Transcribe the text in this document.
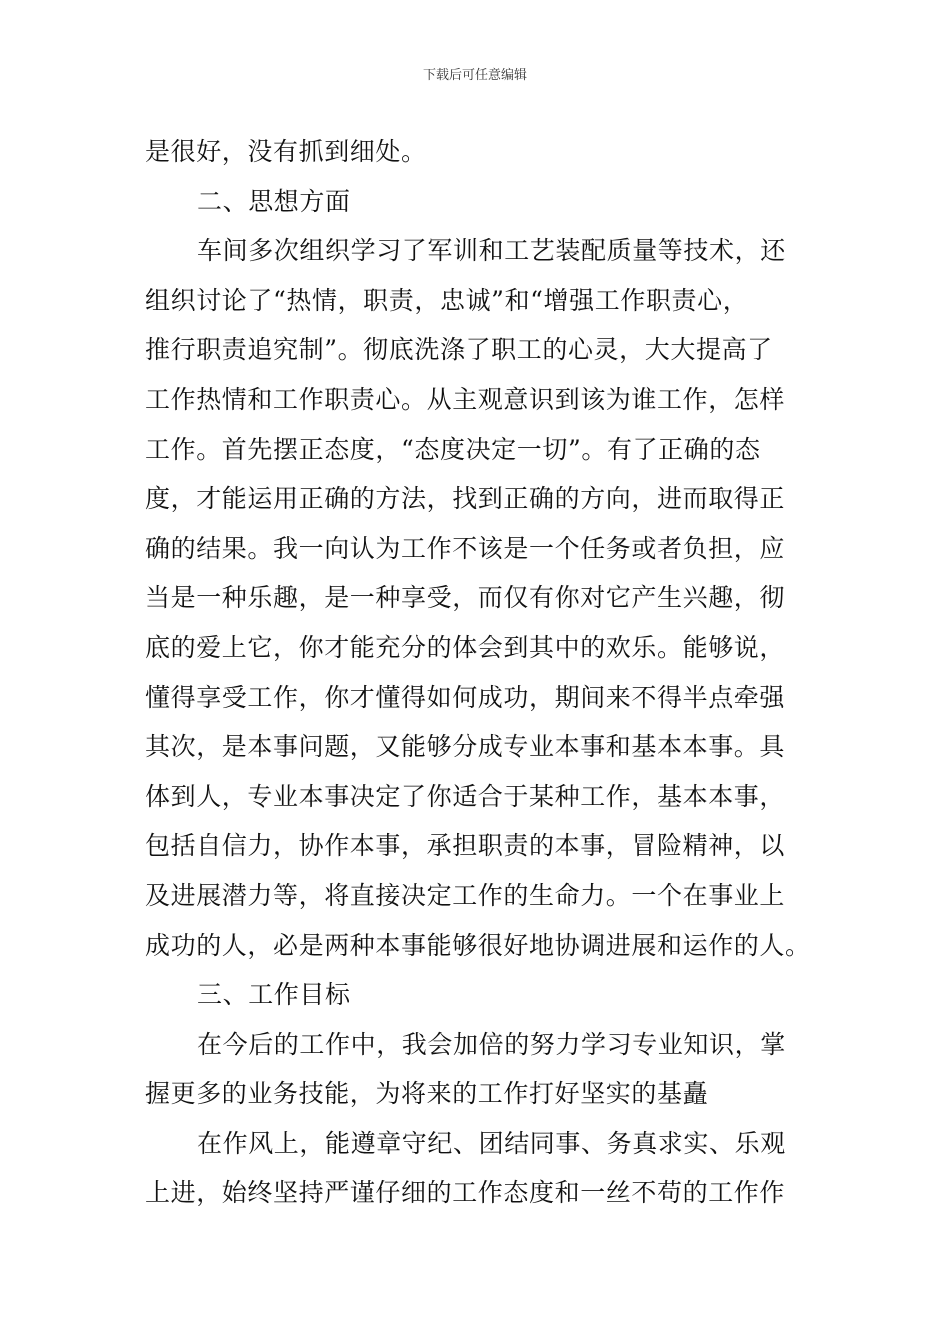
下载后可任意编辑
是很好，没有抓到细处。
二、思想方面
车间多次组织学习了军训和工艺装配质量等技术，还
组织讨论了“热情，职责，忠诚”和“增强工作职责心，
推行职责追究制”。彻底洗涤了职工的心灵，大大提高了
工作热情和工作职责心。从主观意识到该为谁工作，怎样
工作。首先摆正态度，“态度决定一切”。有了正确的态
度，才能运用正确的方法，找到正确的方向，进而取得正
确的结果。我一向认为工作不该是一个任务或者负担，应
当是一种乐趣，是一种享受，而仅有你对它产生兴趣，彻
底的爱上它，你才能充分的体会到其中的欢乐。能够说，
懂得享受工作，你才懂得如何成功，期间来不得半点牵强
其次，是本事问题，又能够分成专业本事和基本本事。具
体到人，专业本事决定了你适合于某种工作，基本本事，
包括自信力，协作本事，承担职责的本事，冒险精神，以
及进展潜力等，将直接决定工作的生命力。一个在事业上
成功的人，必是两种本事能够很好地协调进展和运作的人。
三、工作目标
在今后的工作中，我会加倍的努力学习专业知识，掌
握更多的业务技能，为将来的工作打好坚实的基矗
在作风上，能遵章守纪、团结同事、务真求实、乐观
上进，始终坚持严谨仔细的工作态度和一丝不苟的工作作
